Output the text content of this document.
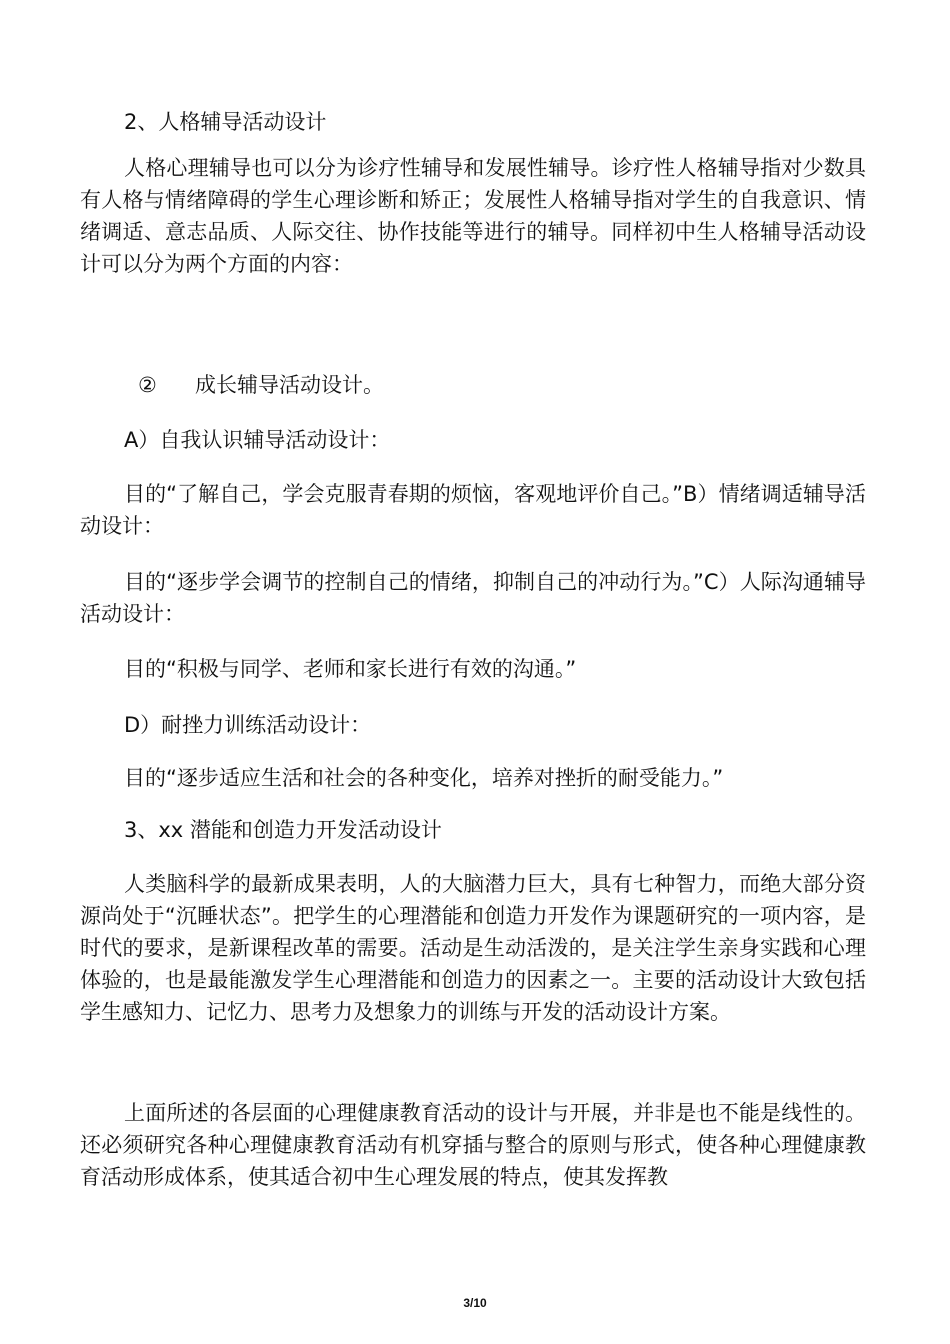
2、人格辅导活动设计
人格心理辅导也可以分为诊疗性辅导和发展性辅导。诊疗性人格辅导指对少数具有人格与情绪障碍的学生心理诊断和矫正；发展性人格辅导指对学生的自我意识、情绪调适、意志品质、人际交往、协作技能等进行的辅导。同样初中生人格辅导活动设计可以分为两个方面的内容：
② 成长辅导活动设计。
A）自我认识辅导活动设计：
目的“了解自己，学会克服青春期的烦恼，客观地评价自己。”B）情绪调适辅导活动设计：
目的“逐步学会调节的控制自己的情绪，抑制自己的冲动行为。”C）人际沟通辅导活动设计：
目的“积极与同学、老师和家长进行有效的沟通。”
D）耐挫力训练活动设计：
目的“逐步适应生活和社会的各种变化，培养对挫折的耐受能力。”
3、xx 潜能和创造力开发活动设计
人类脑科学的最新成果表明，人的大脑潜力巨大，具有七种智力，而绝大部分资源尚处于“沉睡状态”。把学生的心理潜能和创造力开发作为课题研究的一项内容，是时代的要求，是新课程改革的需要。活动是生动活泼的，是关注学生亲身实践和心理体验的，也是最能激发学生心理潜能和创造力的因素之一。主要的活动设计大致包括学生感知力、记忆力、思考力及想象力的训练与开发的活动设计方案。
上面所述的各层面的心理健康教育活动的设计与开展，并非是也不能是线性的。还必须研究各种心理健康教育活动有机穿插与整合的原则与形式，使各种心理健康教育活动形成体系，使其适合初中生心理发展的特点，使其发挥教
3/10
